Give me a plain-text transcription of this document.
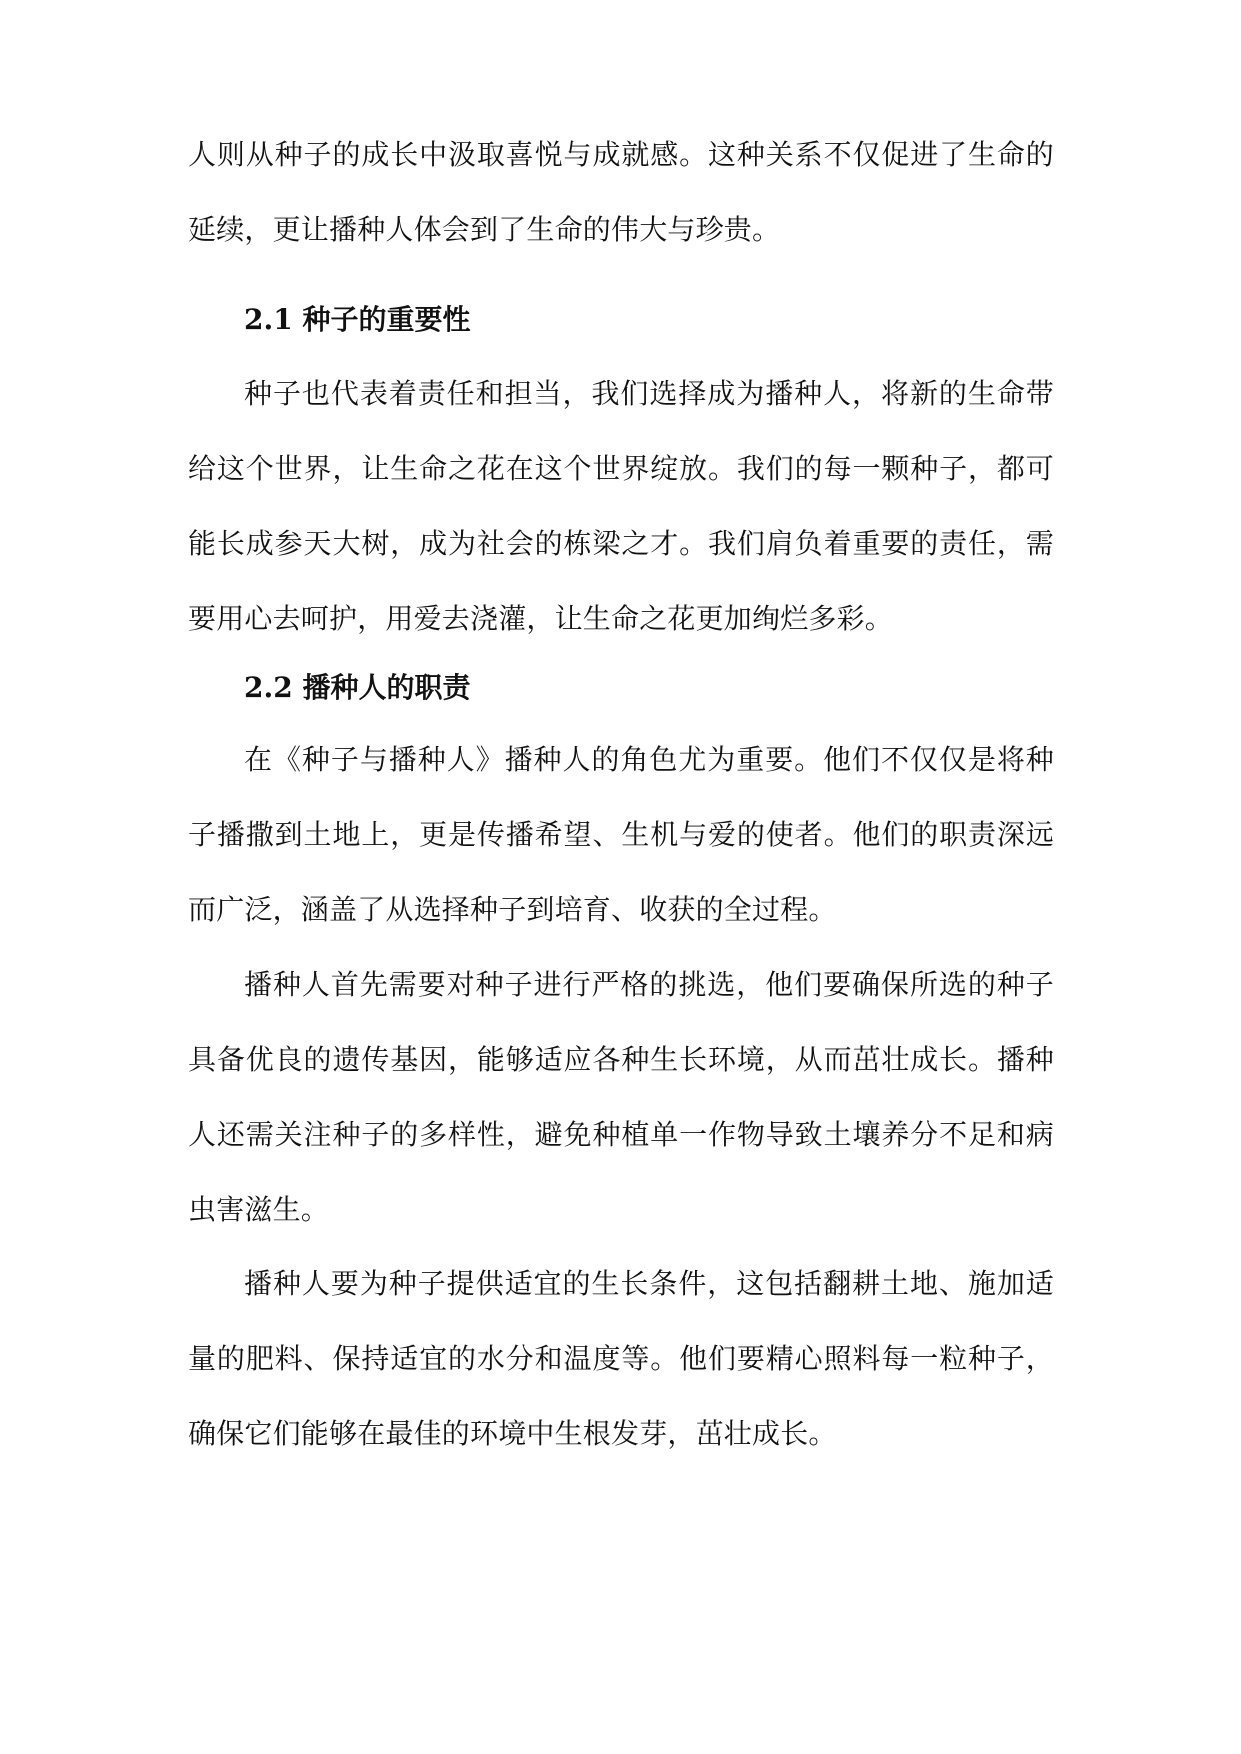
人则从种子的成长中汲取喜悦与成就感。这种关系不仅促进了生命的延续，更让播种人体会到了生命的伟大与珍贵。

2.1 种子的重要性

种子也代表着责任和担当，我们选择成为播种人，将新的生命带给这个世界，让生命之花在这个世界绽放。我们的每一颗种子，都可能长成参天大树，成为社会的栋梁之才。我们肩负着重要的责任，需要用心去呵护，用爱去浇灌，让生命之花更加绚烂多彩。

2.2 播种人的职责

在《种子与播种人》播种人的角色尤为重要。他们不仅仅是将种子播撒到土地上，更是传播希望、生机与爱的使者。他们的职责深远而广泛，涵盖了从选择种子到培育、收获的全过程。

播种人首先需要对种子进行严格的挑选，他们要确保所选的种子具备优良的遗传基因，能够适应各种生长环境，从而茁壮成长。播种人还需关注种子的多样性，避免种植单一作物导致土壤养分不足和病虫害滋生。

播种人要为种子提供适宜的生长条件，这包括翻耕土地、施加适量的肥料、保持适宜的水分和温度等。他们要精心照料每一粒种子，确保它们能够在最佳的环境中生根发芽，茁壮成长。
